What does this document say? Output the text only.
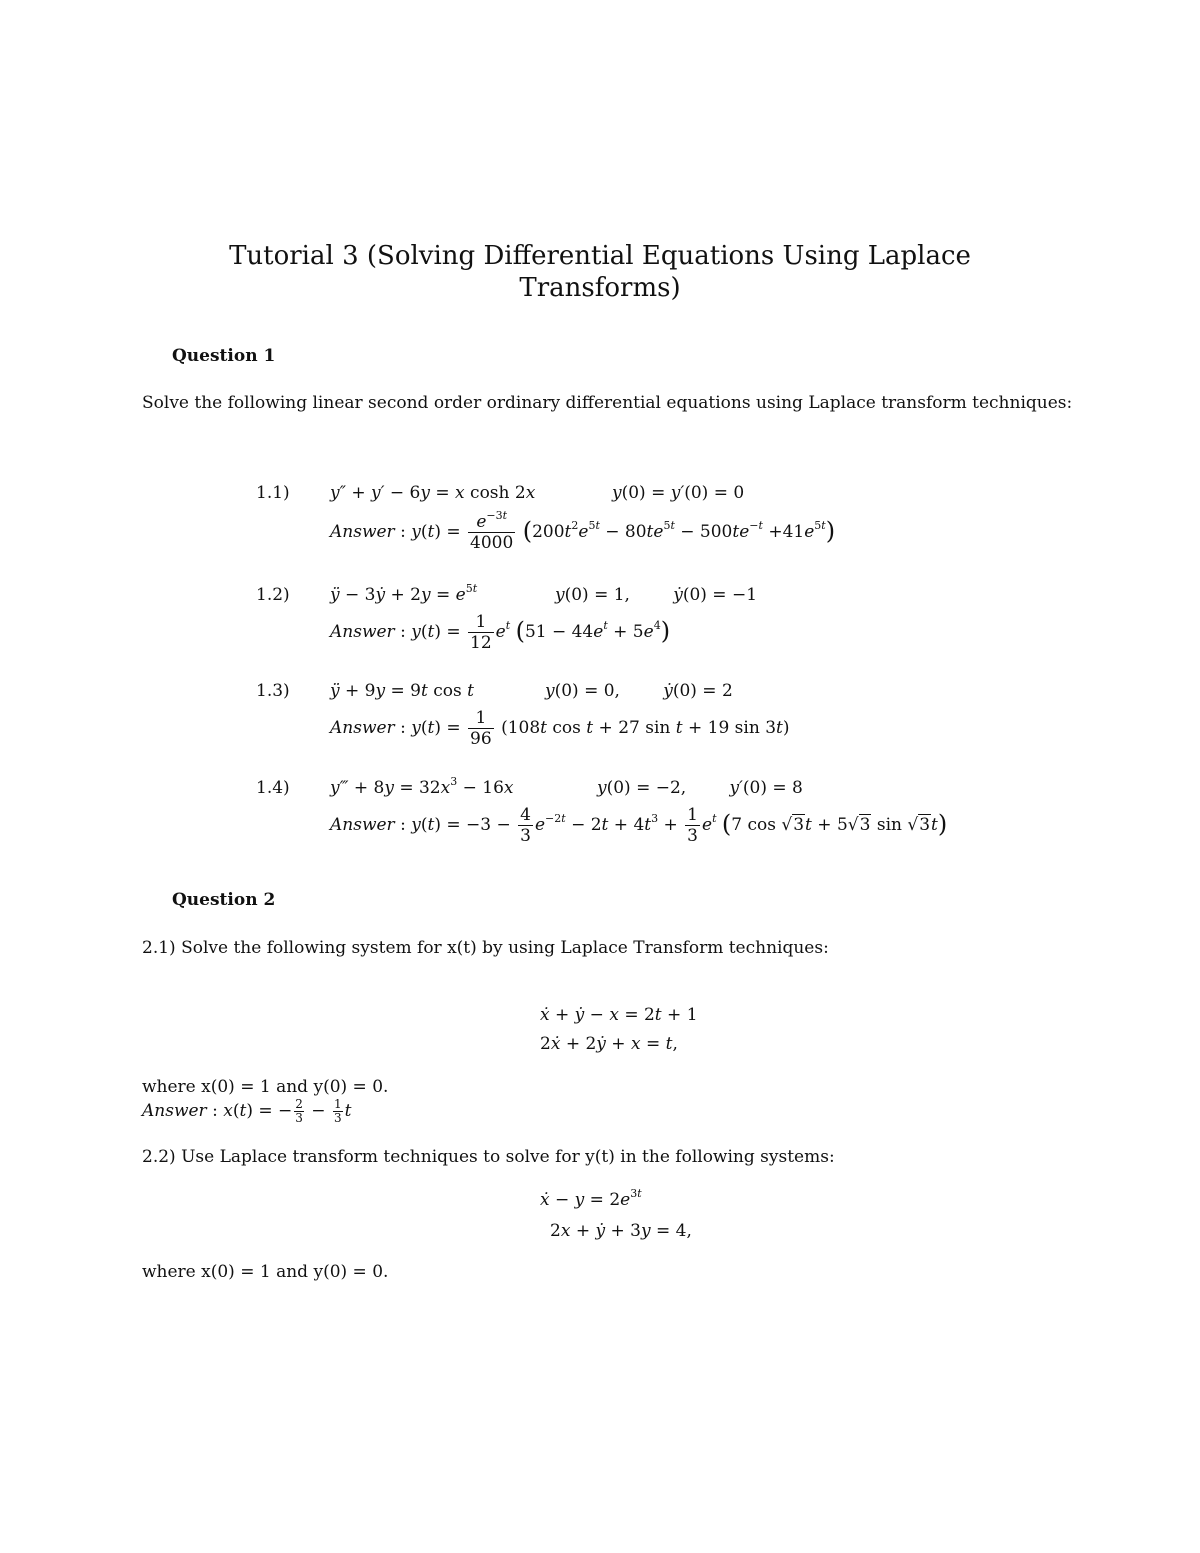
Tutorial 3 (Solving Differential Equations Using Laplace
Transforms)
Question 1
Solve the following linear second order ordinary differential equations using Laplace transform techniques:
1.1) y″ + y′ − 6y = x cosh 2x	y(0) = y′(0) = 0
Answer : $y(t) = \frac{e^{-3t}}{4000} (200t^2e^{5t} - 80te^{5t} - 500te^{-t} +41e^{5t})$
1.2) ÿ − 3ẏ + $2y = e^{5t}$	y(0) = 1,        ẏ(0) = −1
Answer : $y(t) = \frac{1}{12} e^t$ $(51 - 44e^t + 5e^4)$
1.3) ÿ + 9y = 9t cos t	y(0) = 0,        ẏ(0) = 2
Answer : $y(t) = \frac{1}{96} (108t$ cos t + 27 sin t + 19 sin 3t)
1.4) y‴ + $8y = 32x^3 - 16x$	y(0) = −2,        y′(0) = 8
Answer : $y(t) = -3 - \frac{4}{3} e^{-2t} - 2t + 4t^3 + \frac{1}{3} e^t$ (7 cos √3t + 5√3 sin √3t)
Question 2
2.1) Solve the following system for x(t) by using Laplace Transform techniques:
ẋ + ẏ − x = 2t + 1
2ẋ + 2ẏ + x = t,
where x(0) = 1 and y(0) = 0.
Answer : x(t) = − $\frac{2}{3} - \frac{1}{3}$ t
2.2) Use Laplace transform techniques to solve for y(t) in the following systems:
ẋ − $y = 2e^{3t}$
2x + ẏ + 3y = 4,
where x(0) = 1 and y(0) = 0.
